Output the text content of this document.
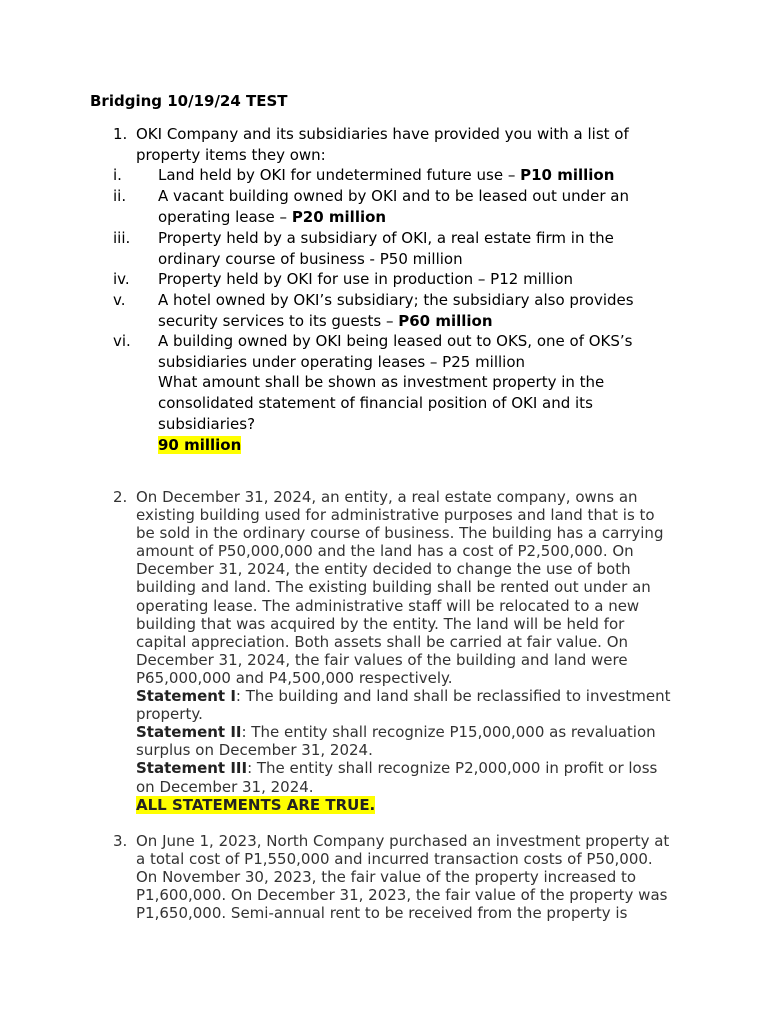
Bridging 10/19/24 TEST
1. OKI Company and its subsidiaries have provided you with a list of
property items they own:
i.	Land held by OKI for undetermined future use – P10 million
ii.	A vacant building owned by OKI and to be leased out under an
operating lease – P20 million
iii.	Property held by a subsidiary of OKI, a real estate firm in the
ordinary course of business - P50 million
iv.	Property held by OKI for use in production – P12 million
v.	A hotel owned by OKI’s subsidiary; the subsidiary also provides
security services to its guests – P60 million
vi.	A building owned by OKI being leased out to OKS, one of OKS’s
subsidiaries under operating leases – P25 million
What amount shall be shown as investment property in the
consolidated statement of financial position of OKI and its
subsidiaries?
90 million
2. On December 31, 2024, an entity, a real estate company, owns an
existing building used for administrative purposes and land that is to
be sold in the ordinary course of business. The building has a carrying
amount of P50,000,000 and the land has a cost of P2,500,000. On
December 31, 2024, the entity decided to change the use of both
building and land. The existing building shall be rented out under an
operating lease. The administrative staff will be relocated to a new
building that was acquired by the entity. The land will be held for
capital appreciation. Both assets shall be carried at fair value. On
December 31, 2024, the fair values of the building and land were
P65,000,000 and P4,500,000 respectively.
Statement I: The building and land shall be reclassified to investment
property.
Statement II: The entity shall recognize P15,000,000 as revaluation
surplus on December 31, 2024.
Statement III: The entity shall recognize P2,000,000 in profit or loss
on December 31, 2024.
ALL STATEMENTS ARE TRUE.
3. On June 1, 2023, North Company purchased an investment property at
a total cost of P1,550,000 and incurred transaction costs of P50,000.
On November 30, 2023, the fair value of the property increased to
P1,600,000. On December 31, 2023, the fair value of the property was
P1,650,000. Semi-annual rent to be received from the property is
